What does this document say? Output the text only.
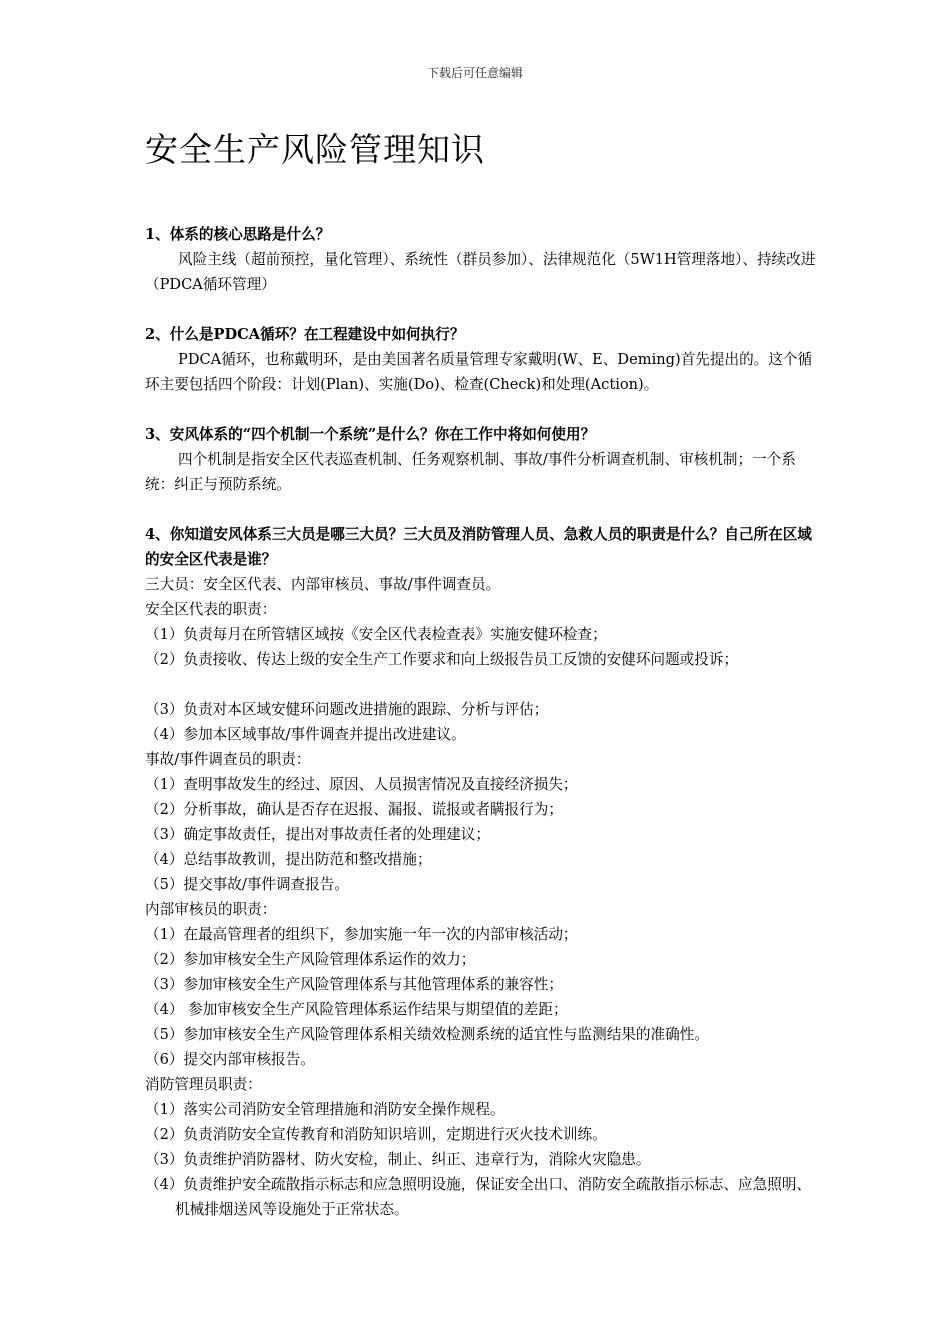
下载后可任意编辑
安全生产风险管理知识

1、体系的核心思路是什么？

风险主线（超前预控，量化管理）、系统性（群员参加）、法律规范化（5W1H管理落地）、持续改进（PDCA循环管理）

2、什么是PDCA循环？在工程建设中如何执行？

PDCA循环，也称戴明环，是由美国著名质量管理专家戴明(W、E、Deming)首先提出的。这个循环主要包括四个阶段：计划(Plan)、实施(Do)、检查(Check)和处理(Action)。

3、安风体系的“四个机制一个系统”是什么？你在工作中将如何使用？

四个机制是指安全区代表巡查机制、任务观察机制、事故/事件分析调查机制、审核机制；一个系统：纠正与预防系统。

4、你知道安风体系三大员是哪三大员？三大员及消防管理人员、急救人员的职责是什么？自己所在区域的安全区代表是谁？

三大员：安全区代表、内部审核员、事故/事件调查员。

安全区代表的职责：

（1）负责每月在所管辖区域按《安全区代表检查表》实施安健环检查；

（2）负责接收、传达上级的安全生产工作要求和向上级报告员工反馈的安健环问题或投诉；

（3）负责对本区域安健环问题改进措施的跟踪、分析与评估；

（4）参加本区域事故/事件调查并提出改进建议。

事故/事件调查员的职责：

（1）查明事故发生的经过、原因、人员损害情况及直接经济损失；

（2）分析事故，确认是否存在迟报、漏报、谎报或者瞒报行为；

（3）确定事故责任，提出对事故责任者的处理建议；

（4）总结事故教训，提出防范和整改措施；

（5）提交事故/事件调查报告。

内部审核员的职责：

（1）在最高管理者的组织下，参加实施一年一次的内部审核活动；

（2）参加审核安全生产风险管理体系运作的效力；

（3）参加审核安全生产风险管理体系与其他管理体系的兼容性；

（4） 参加审核安全生产风险管理体系运作结果与期望值的差距；

（5）参加审核安全生产风险管理体系相关绩效检测系统的适宜性与监测结果的准确性。

（6）提交内部审核报告。

消防管理员职责：

（1）落实公司消防安全管理措施和消防安全操作规程。

（2）负责消防安全宣传教育和消防知识培训，定期进行灭火技术训练。

（3）负责维护消防器材、防火安检，制止、纠正、违章行为，消除火灾隐患。

（4）负责维护安全疏散指示标志和应急照明设施，保证安全出口、消防安全疏散指示标志、应急照明、机械排烟送风等设施处于正常状态。
